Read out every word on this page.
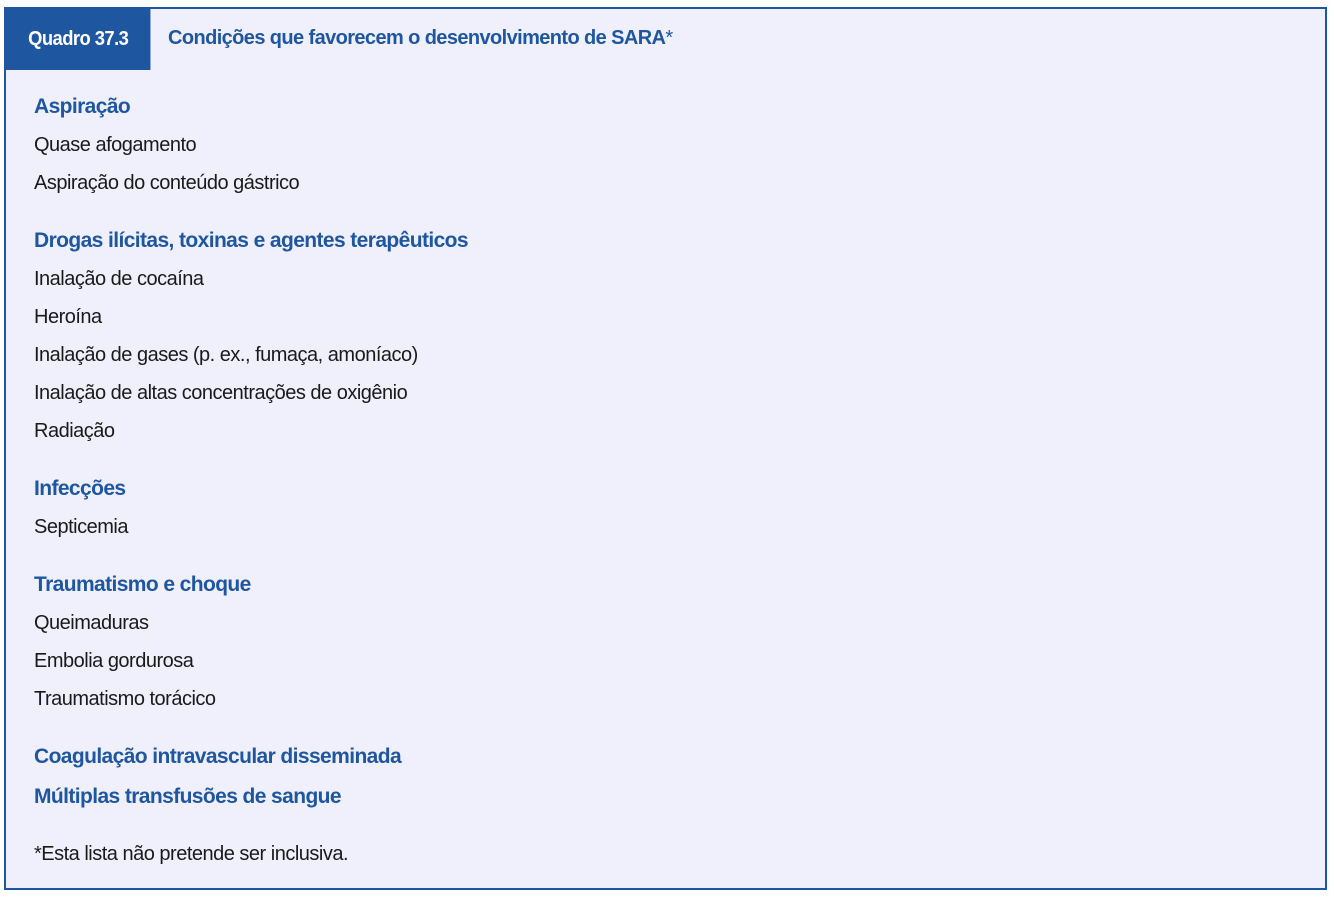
Quadro 37.3	Condições que favorecem o desenvolvimento de SARA*
Aspiração
Quase afogamento
Aspiração do conteúdo gástrico
Drogas ilícitas, toxinas e agentes terapêuticos
Inalação de cocaína
Heroína
Inalação de gases (p. ex., fumaça, amoníaco)
Inalação de altas concentrações de oxigênio
Radiação
Infecções
Septicemia
Traumatismo e choque
Queimaduras
Embolia gordurosa
Traumatismo torácico
Coagulação intravascular disseminada
Múltiplas transfusões de sangue
*Esta lista não pretende ser inclusiva.
